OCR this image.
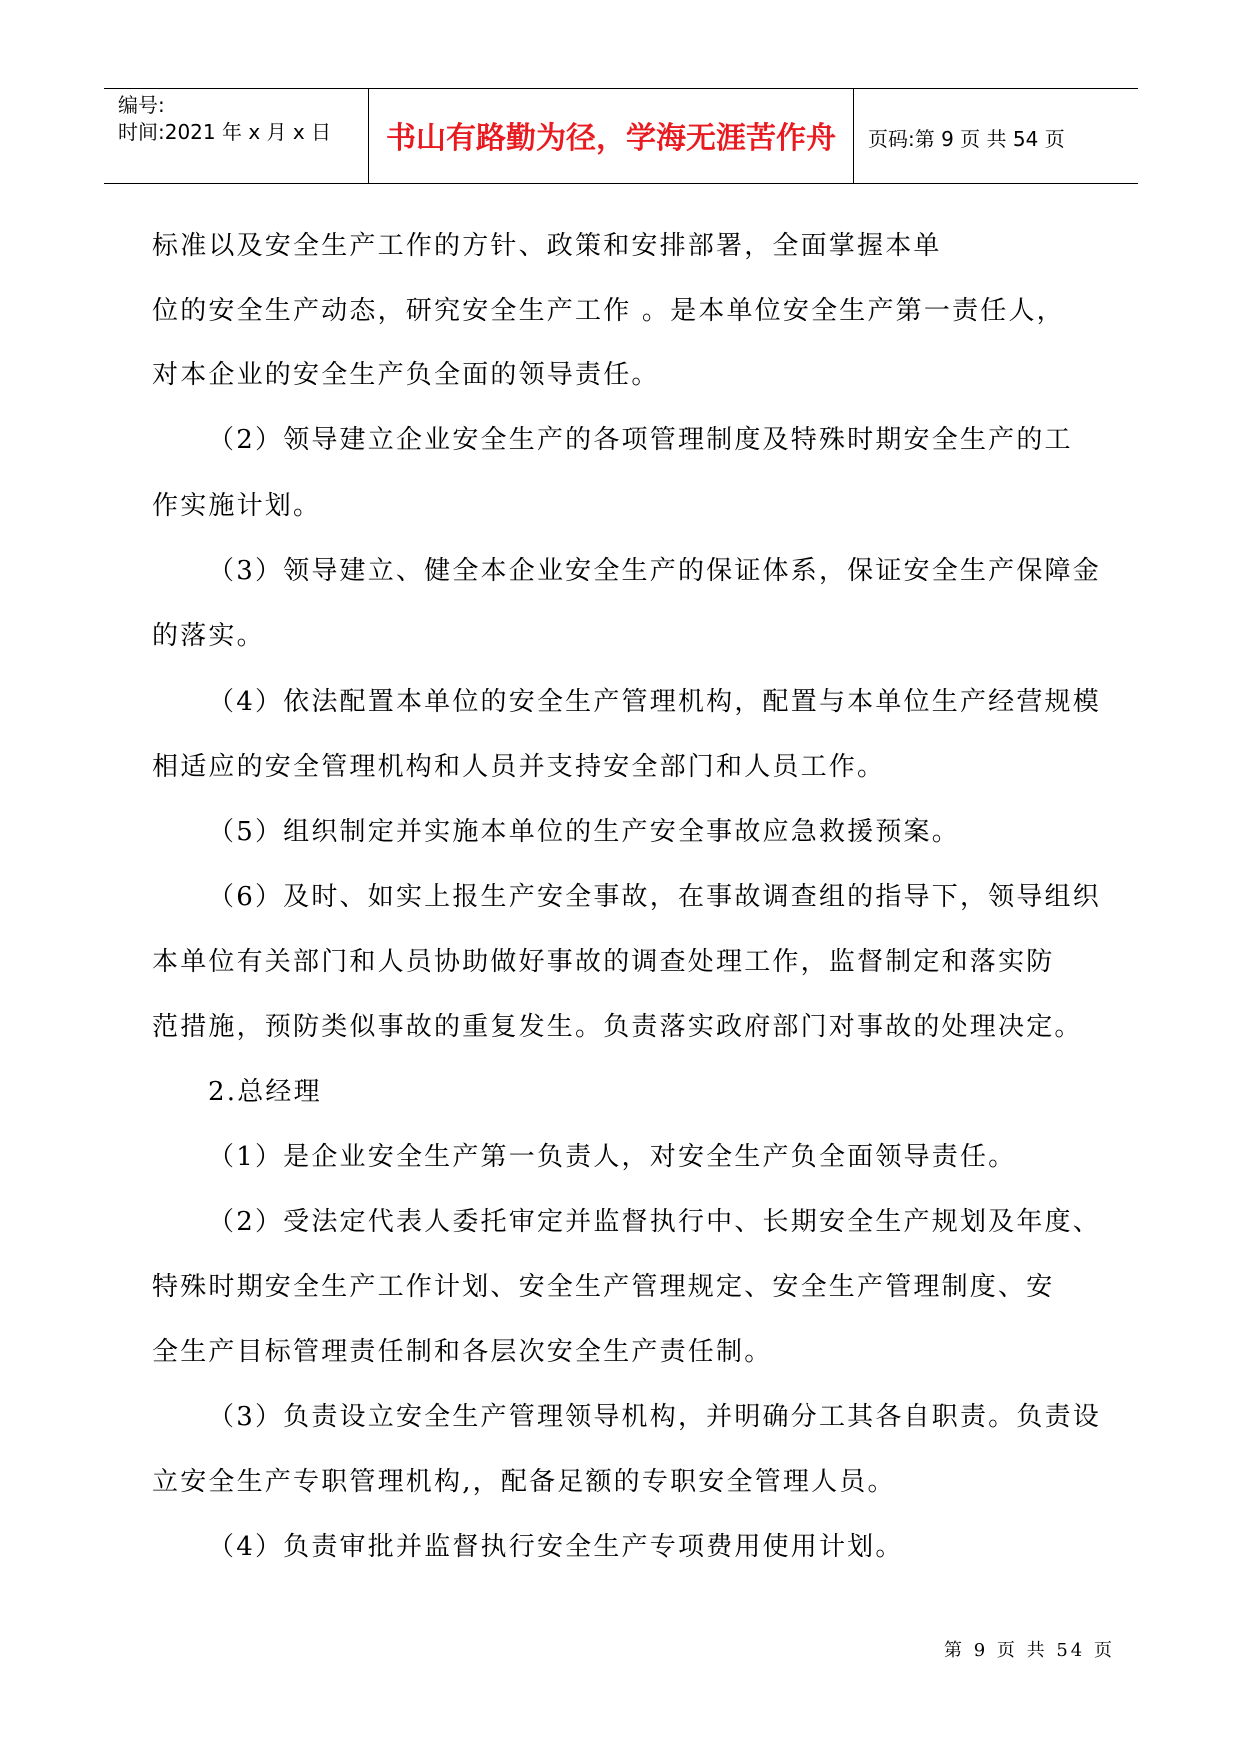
编号:
时间:2021 年 x 月 x 日	书山有路勤为径，学海无涯苦作舟	页码:第 9 页 共 54 页
标准以及安全生产工作的方针、政策和安排部署，全面掌握本单
位的安全生产动态，研究安全生产工作 。是本单位安全生产第一责任人，
对本企业的安全生产负全面的领导责任。
（2）领导建立企业安全生产的各项管理制度及特殊时期安全生产的工
作实施计划。
（3）领导建立、健全本企业安全生产的保证体系，保证安全生产保障金
的落实。
（4）依法配置本单位的安全生产管理机构，配置与本单位生产经营规模
相适应的安全管理机构和人员并支持安全部门和人员工作。
（5）组织制定并实施本单位的生产安全事故应急救援预案。
（6）及时、如实上报生产安全事故，在事故调查组的指导下，领导组织
本单位有关部门和人员协助做好事故的调查处理工作，监督制定和落实防
范措施，预防类似事故的重复发生。负责落实政府部门对事故的处理决定。
2.总经理
（1）是企业安全生产第一负责人，对安全生产负全面领导责任。
（2）受法定代表人委托审定并监督执行中、长期安全生产规划及年度、
特殊时期安全生产工作计划、安全生产管理规定、安全生产管理制度、安
全生产目标管理责任制和各层次安全生产责任制。
（3）负责设立安全生产管理领导机构，并明确分工其各自职责。负责设
立安全生产专职管理机构,，配备足额的专职安全管理人员。
（4）负责审批并监督执行安全生产专项费用使用计划。
第 9 页 共 54 页
